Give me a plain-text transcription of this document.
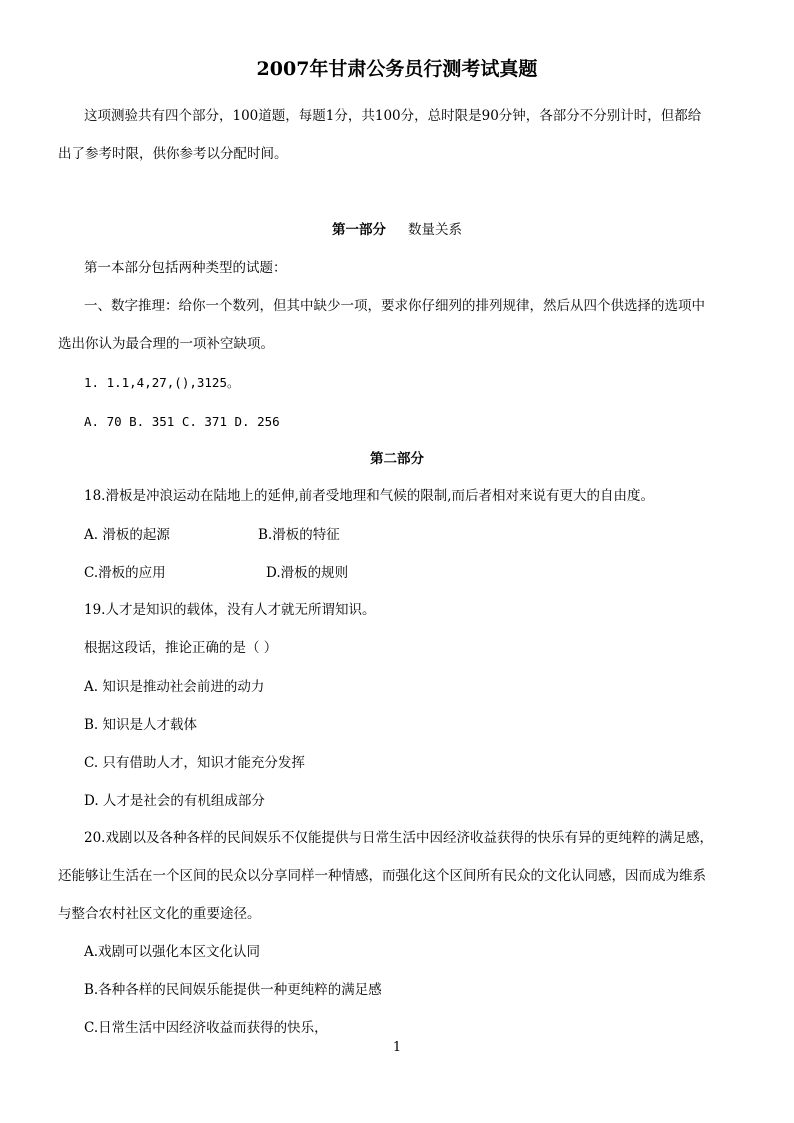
2007年甘肃公务员行测考试真题
这项测验共有四个部分，100道题，每题1分，共100分，总时限是90分钟，各部分不分别计时，但都给
出了参考时限，供你参考以分配时间。
第一部分 数量关系
第一本部分包括两种类型的试题：
一、数字推理：给你一个数列，但其中缺少一项，要求你仔细列的排列规律，然后从四个供选择的选项中
选出你认为最合理的一项补空缺项。
1. 1.1,4,27,(),3125。
A. 70 B. 351 C. 371 D. 256
第二部分
18.滑板是冲浪运动在陆地上的延伸,前者受地理和气候的限制,而后者相对来说有更大的自由度。
A. 滑板的起源	B.滑板的特征
C.滑板的应用	D.滑板的规则
19.人才是知识的载体，没有人才就无所谓知识。
根据这段话，推论正确的是（ ）
A. 知识是推动社会前进的动力
B. 知识是人才载体
C. 只有借助人才，知识才能充分发挥
D. 人才是社会的有机组成部分
20.戏剧以及各种各样的民间娱乐不仅能提供与日常生活中因经济收益获得的快乐有异的更纯粹的满足感，
还能够让生活在一个区间的民众以分享同样一种情感，而强化这个区间所有民众的文化认同感，因而成为维系
与整合农村社区文化的重要途径。
A.戏剧可以强化本区文化认同
B.各种各样的民间娱乐能提供一种更纯粹的满足感
C.日常生活中因经济收益而获得的快乐，
1
